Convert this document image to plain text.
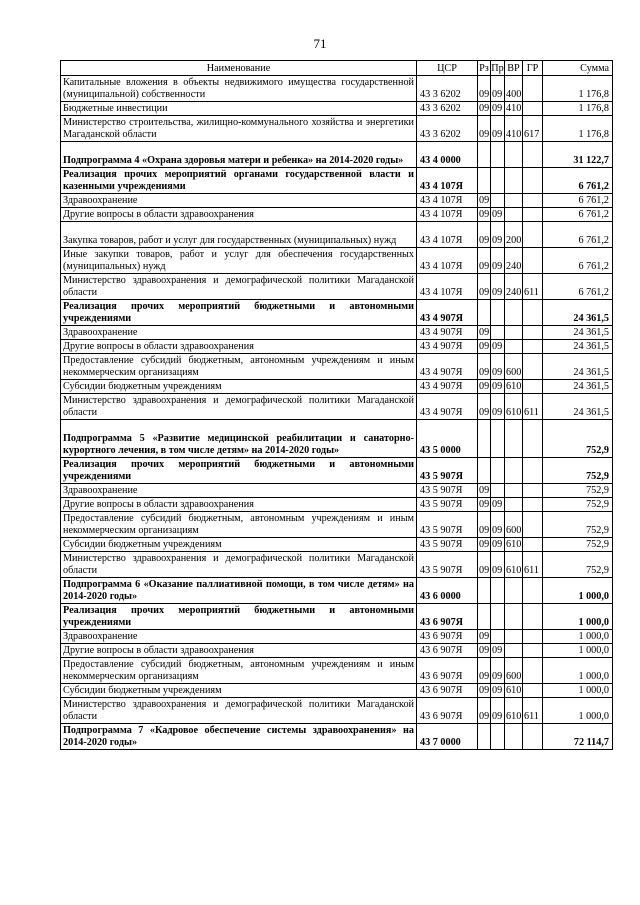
71
Наименование	ЦСР	Рз	Пр	ВР	ГР	Сумма
Капитальные вложения в объекты недвижимого имущества государственной (муниципальной) собственности	43 3 6202	09	09	400		1 176,8
Бюджетные инвестиции	43 3 6202	09	09	410		1 176,8
Министерство строительства, жилищно-коммунального хозяйства и энергетики Магаданской области	43 3 6202	09	09	410	617	1 176,8
Подпрограмма 4 «Охрана здоровья матери и ребенка» на 2014-2020 годы»	43 4 0000					31 122,7
Реализация прочих мероприятий органами государственной власти и казенными учреждениями	43 4 107Я					6 761,2
Здравоохранение	43 4 107Я	09				6 761,2
Другие вопросы в области здравоохранения	43 4 107Я	09	09			6 761,2
Закупка товаров, работ и услуг для государственных (муниципальных) нужд	43 4 107Я	09	09	200		6 761,2
Иные закупки товаров, работ и услуг для обеспечения государственных (муниципальных) нужд	43 4 107Я	09	09	240		6 761,2
Министерство здравоохранения и демографической политики Магаданской области	43 4 107Я	09	09	240	611	6 761,2
Реализация прочих мероприятий бюджетными и автономными учреждениями	43 4 907Я					24 361,5
Здравоохранение	43 4 907Я	09				24 361,5
Другие вопросы в области здравоохранения	43 4 907Я	09	09			24 361,5
Предоставление субсидий бюджетным, автономным учреждениям и иным некоммерческим организациям	43 4 907Я	09	09	600		24 361,5
Субсидии бюджетным учреждениям	43 4 907Я	09	09	610		24 361,5
Министерство здравоохранения и демографической политики Магаданской области	43 4 907Я	09	09	610	611	24 361,5
Подпрограмма 5 «Развитие медицинской реабилитации и санаторно-курортного лечения, в том числе детям» на 2014-2020 годы»	43 5 0000					752,9
Реализация прочих мероприятий бюджетными и автономными учреждениями	43 5 907Я					752,9
Здравоохранение	43 5 907Я	09				752,9
Другие вопросы в области здравоохранения	43 5 907Я	09	09			752,9
Предоставление субсидий бюджетным, автономным учреждениям и иным некоммерческим организациям	43 5 907Я	09	09	600		752,9
Субсидии бюджетным учреждениям	43 5 907Я	09	09	610		752,9
Министерство здравоохранения и демографической политики Магаданской области	43 5 907Я	09	09	610	611	752,9
Подпрограмма 6 «Оказание паллиативной помощи, в том числе детям» на 2014-2020 годы»	43 6 0000					1 000,0
Реализация прочих мероприятий бюджетными и автономными учреждениями	43 6 907Я					1 000,0
Здравоохранение	43 6 907Я	09				1 000,0
Другие вопросы в области здравоохранения	43 6 907Я	09	09			1 000,0
Предоставление субсидий бюджетным, автономным учреждениям и иным некоммерческим организациям	43 6 907Я	09	09	600		1 000,0
Субсидии бюджетным учреждениям	43 6 907Я	09	09	610		1 000,0
Министерство здравоохранения и демографической политики Магаданской области	43 6 907Я	09	09	610	611	1 000,0
Подпрограмма 7 «Кадровое обеспечение системы здравоохранения» на 2014-2020 годы»	43 7 0000					72 114,7
